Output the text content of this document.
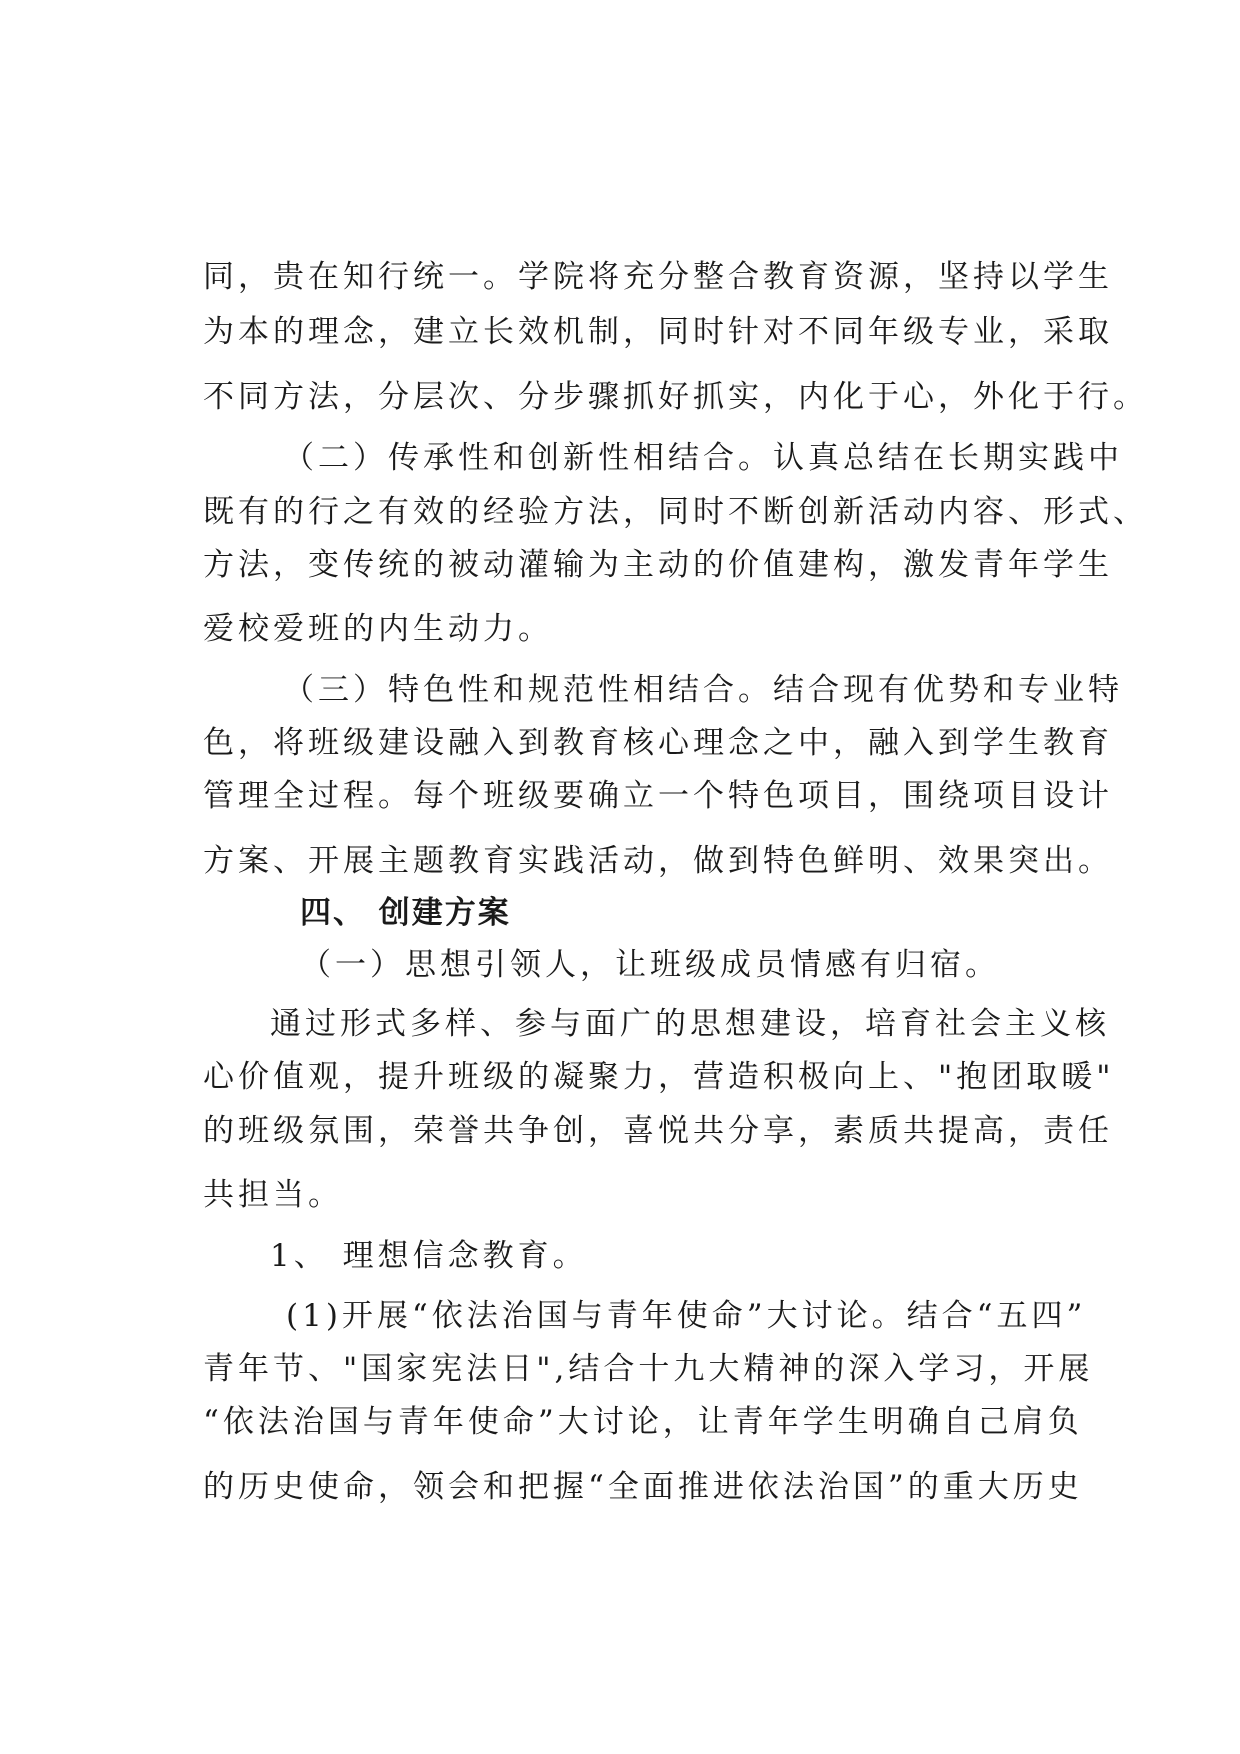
同，贵在知行统一。学院将充分整合教育资源，坚持以学生
为本的理念，建立长效机制，同时针对不同年级专业，采取
不同方法，分层次、分步骤抓好抓实，内化于心，外化于行。
（二）传承性和创新性相结合。认真总结在长期实践中
既有的行之有效的经验方法，同时不断创新活动内容、形式、
方法，变传统的被动灌输为主动的价值建构，激发青年学生
爱校爱班的内生动力。
（三）特色性和规范性相结合。结合现有优势和专业特
色，将班级建设融入到教育核心理念之中，融入到学生教育
管理全过程。每个班级要确立一个特色项目，围绕项目设计
方案、开展主题教育实践活动，做到特色鲜明、效果突出。
四、 创建方案
（一）思想引领人，让班级成员情感有归宿。
通过形式多样、参与面广的思想建设，培育社会主义核
心价值观，提升班级的凝聚力，营造积极向上、"抱团取暖"
的班级氛围，荣誉共争创，喜悦共分享，素质共提高，责任
共担当。
1、 理想信念教育。
(1)开展“依法治国与青年使命”大讨论。结合“五四”
青年节、"国家宪法日",结合十九大精神的深入学习，开展
“依法治国与青年使命”大讨论，让青年学生明确自己肩负
的历史使命，领会和把握“全面推进依法治国”的重大历史
